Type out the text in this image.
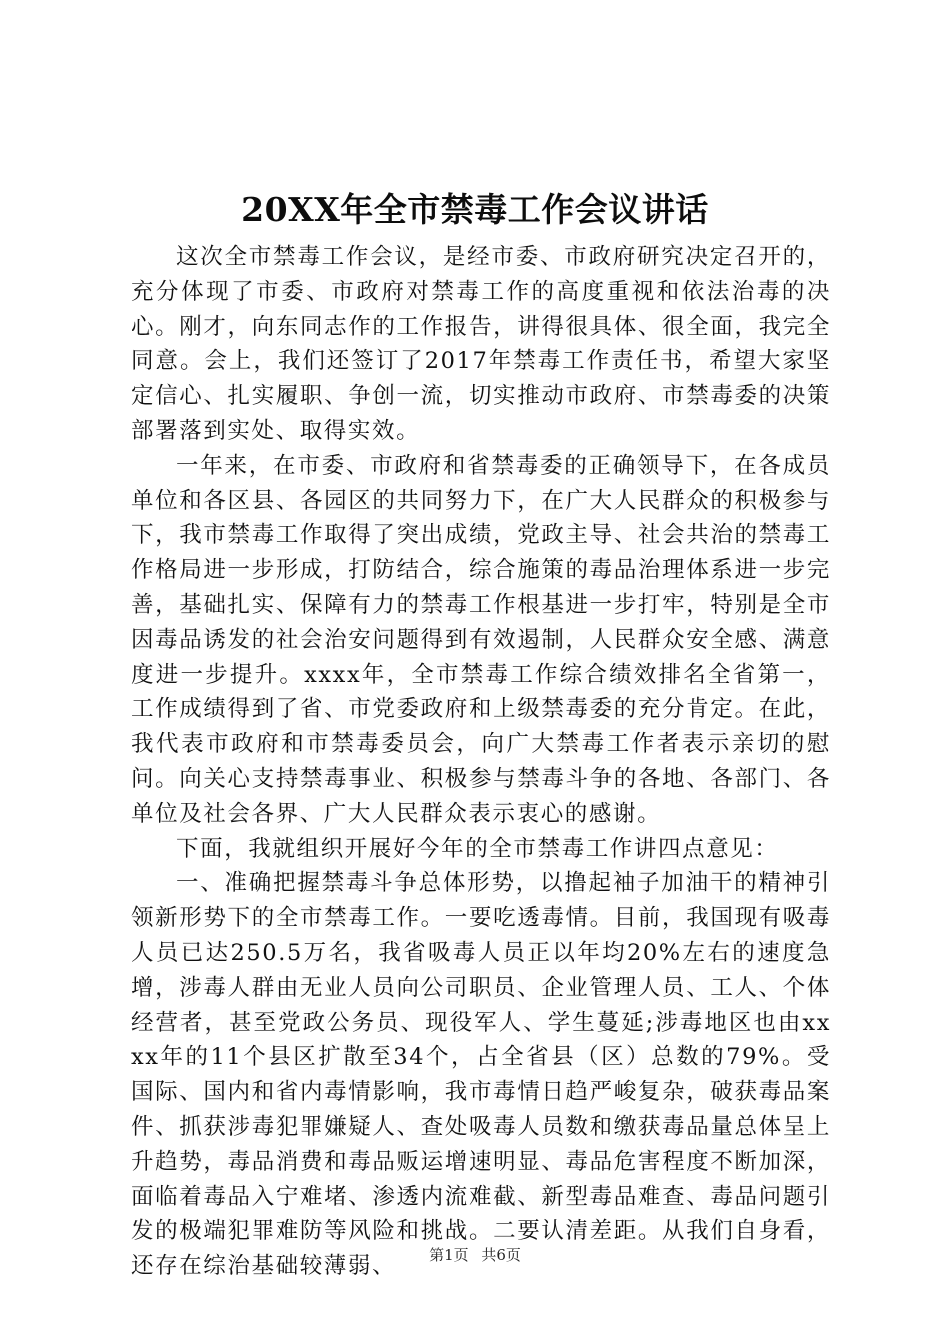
20XX年全市禁毒工作会议讲话

这次全市禁毒工作会议，是经市委、市政府研究决定召开的，充分体现了市委、市政府对禁毒工作的高度重视和依法治毒的决心。刚才，向东同志作的工作报告，讲得很具体、很全面，我完全同意。会上，我们还签订了2017年禁毒工作责任书，希望大家坚定信心、扎实履职、争创一流，切实推动市政府、市禁毒委的决策部署落到实处、取得实效。

一年来，在市委、市政府和省禁毒委的正确领导下，在各成员单位和各区县、各园区的共同努力下，在广大人民群众的积极参与下，我市禁毒工作取得了突出成绩，党政主导、社会共治的禁毒工作格局进一步形成，打防结合，综合施策的毒品治理体系进一步完善，基础扎实、保障有力的禁毒工作根基进一步打牢，特别是全市因毒品诱发的社会治安问题得到有效遏制，人民群众安全感、满意度进一步提升。xxxx年，全市禁毒工作综合绩效排名全省第一，工作成绩得到了省、市党委政府和上级禁毒委的充分肯定。在此，我代表市政府和市禁毒委员会，向广大禁毒工作者表示亲切的慰问。向关心支持禁毒事业、积极参与禁毒斗争的各地、各部门、各单位及社会各界、广大人民群众表示衷心的感谢。

下面，我就组织开展好今年的全市禁毒工作讲四点意见：

一、准确把握禁毒斗争总体形势，以撸起袖子加油干的精神引领新形势下的全市禁毒工作。一要吃透毒情。目前，我国现有吸毒人员已达250.5万名，我省吸毒人员正以年均20%左右的速度急增，涉毒人群由无业人员向公司职员、企业管理人员、工人、个体经营者，甚至党政公务员、现役军人、学生蔓延;涉毒地区也由xxxx年的11个县区扩散至34个，占全省县（区）总数的79%。受国际、国内和省内毒情影响，我市毒情日趋严峻复杂，破获毒品案件、抓获涉毒犯罪嫌疑人、查处吸毒人员数和缴获毒品量总体呈上升趋势，毒品消费和毒品贩运增速明显、毒品危害程度不断加深，面临着毒品入宁难堵、渗透内流难截、新型毒品难查、毒品问题引发的极端犯罪难防等风险和挑战。二要认清差距。从我们自身看，还存在综治基础较薄弱、	第1页 共6页
